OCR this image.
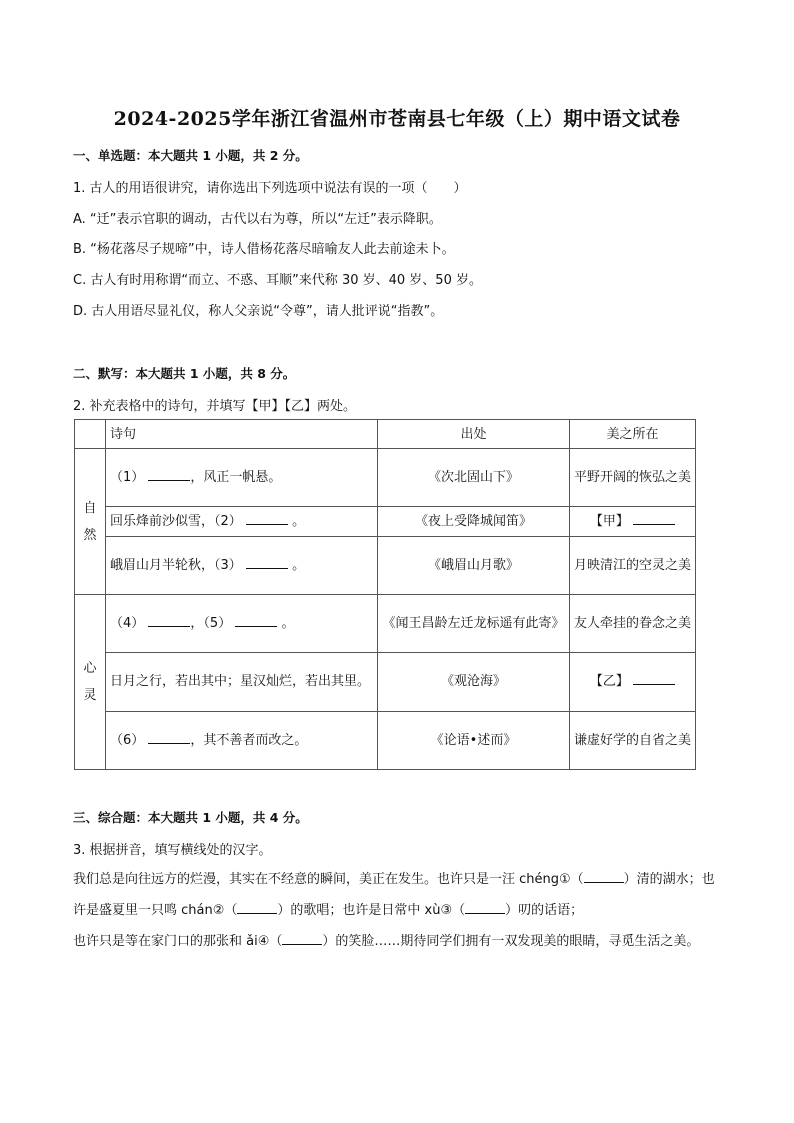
2024-2025学年浙江省温州市苍南县七年级（上）期中语文试卷
一、单选题：本大题共 1 小题，共 2 分。
1. 古人的用语很讲究，请你选出下列选项中说法有误的一项（　　）
A. “迁”表示官职的调动，古代以右为尊，所以“左迁”表示降职。
B. “杨花落尽子规啼”中，诗人借杨花落尽暗喻友人此去前途未卜。
C. 古人有时用称谓“而立、不惑、耳顺”来代称 30 岁、40 岁、50 岁。
D. 古人用语尽显礼仪，称人父亲说“令尊”，请人批评说“指教”。
二、默写：本大题共 1 小题，共 8 分。
2. 补充表格中的诗句，并填写【甲】【乙】两处。
	诗句	出处	美之所在
自然	（1） ，风正一帆悬。	《次北固山下》	平野开阔的恢弘之美
	回乐烽前沙似雪，（2） 。	《夜上受降城闻笛》	【甲】
	峨眉山月半轮秋，（3） 。	《峨眉山月歌》	月映清江的空灵之美
心灵	（4） ，（5） 。	《闻王昌龄左迁龙标遥有此寄》	友人牵挂的眷念之美
	日月之行，若出其中；星汉灿烂，若出其里。	《观沧海》	【乙】
	（6） ，其不善者而改之。	《论语•述而》	谦虚好学的自省之美
三、综合题：本大题共 1 小题，共 4 分。
3. 根据拼音，填写横线处的汉字。
我们总是向往远方的烂漫，其实在不经意的瞬间，美正在发生。也许只是一汪 chéng①（	）清的湖水；也许是盛夏里一只鸣 chán②（	）的歌唱；也许是日常中 xù③（	）叨的话语；
也许只是等在家门口的那张和 ǎi④（	）的笑脸……期待同学们拥有一双发现美的眼睛，寻觅生活之美。
